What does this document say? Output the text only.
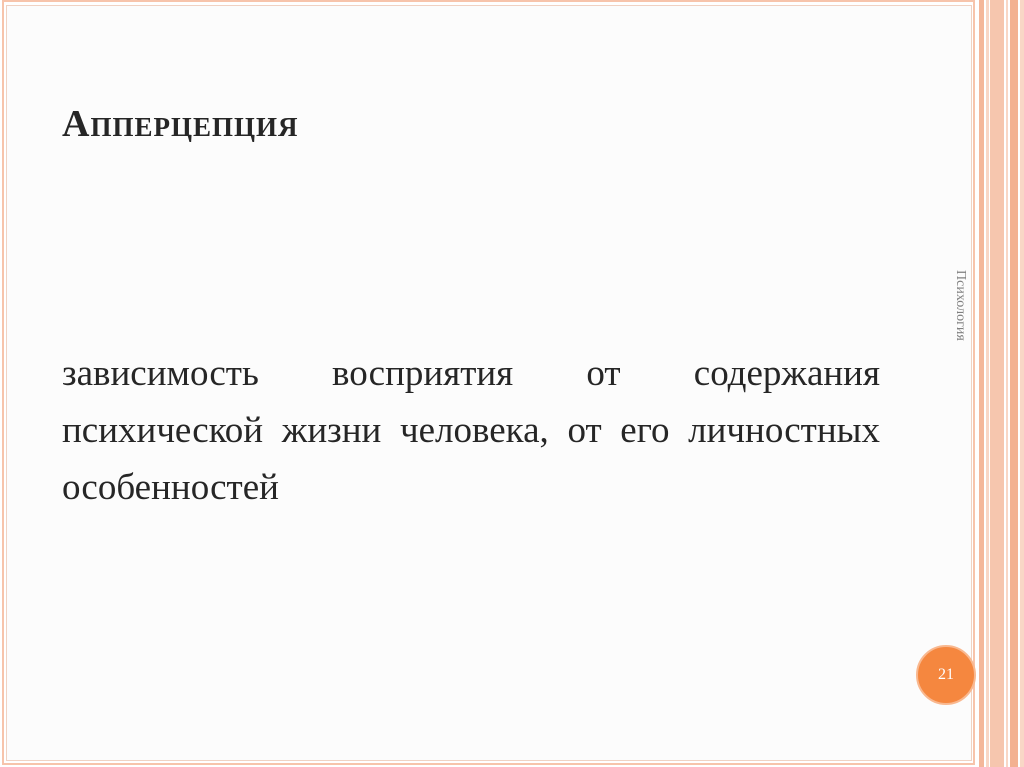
Апперцепция

зависимость восприятия от содержания психической жизни человека, от его личностных особенностей

Психология
21
